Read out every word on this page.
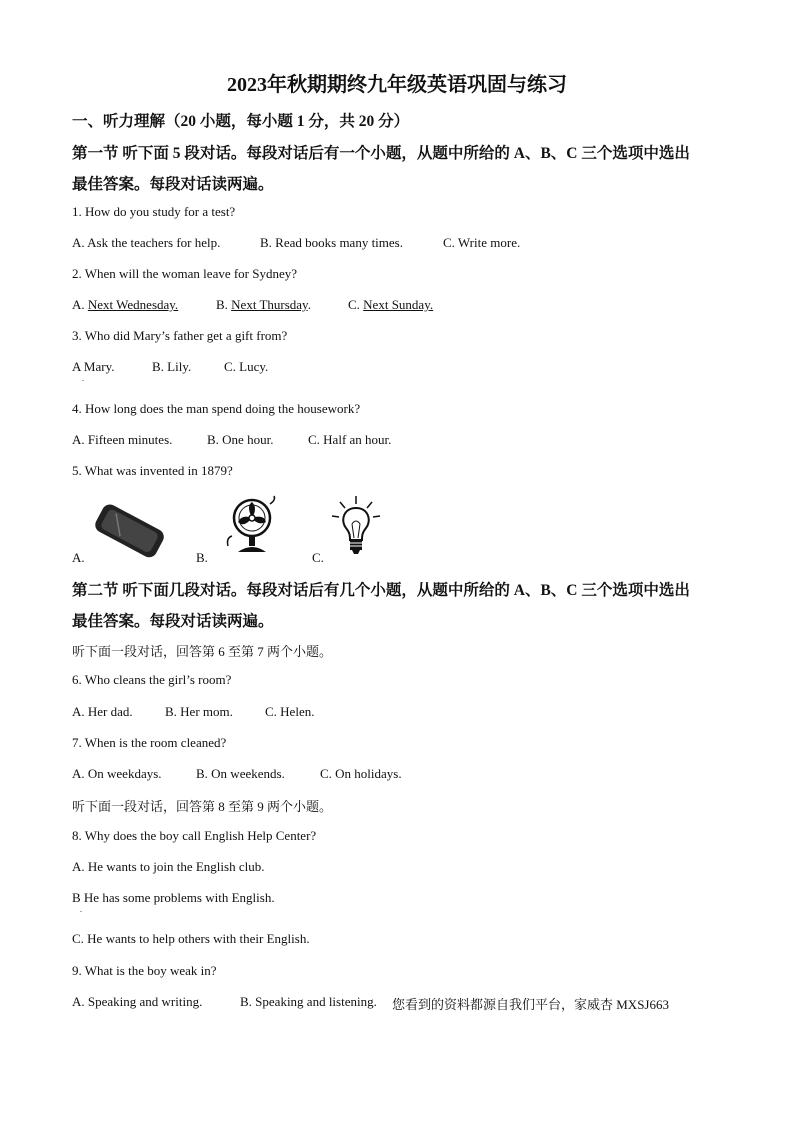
2023年秋期期终九年级英语巩固与练习
一、听力理解（20 小题，每小题 1 分，共 20 分）
第一节 听下面 5 段对话。每段对话后有一个小题，从题中所给的 A、B、C 三个选项中选出
最佳答案。每段对话读两遍。
1. How do you study for a test?
A. Ask the teachers for help.	B. Read books many times.	C. Write more.
2. When will the woman leave for Sydney?
A. Next Wednesday.	B. Next Thursday.	C. Next Sunday.
3. Who did Mary’s father get a gift from?
A Mary.
.
B. Lily.	C. Lucy.
4. How long does the man spend doing the housework?
A. Fifteen minutes.	B. One hour.	C. Half an hour.
5. What was invented in 1879?
A.	B.	C.
第二节 听下面几段对话。每段对话后有几个小题，从题中所给的 A、B、C 三个选项中选出
最佳答案。每段对话读两遍。
听下面一段对话，回答第 6 至第 7 两个小题。
6. Who cleans the girl’s room?
A. Her dad. B. Her mom. C. Helen.
7. When is the room cleaned?
A. On weekdays.	B. On weekends.	C. On holidays.
听下面一段对话，回答第 8 至第 9 两个小题。
8. Why does the boy call English Help Center?
A. He wants to join the English club.
B He has some problems with English.
.
C. He wants to help others with their English.
9. What is the boy weak in?
A. Speaking and writing.	B. Speaking and listening. 您看到的资料都源自我们平台，家威杏 MXSJ663
